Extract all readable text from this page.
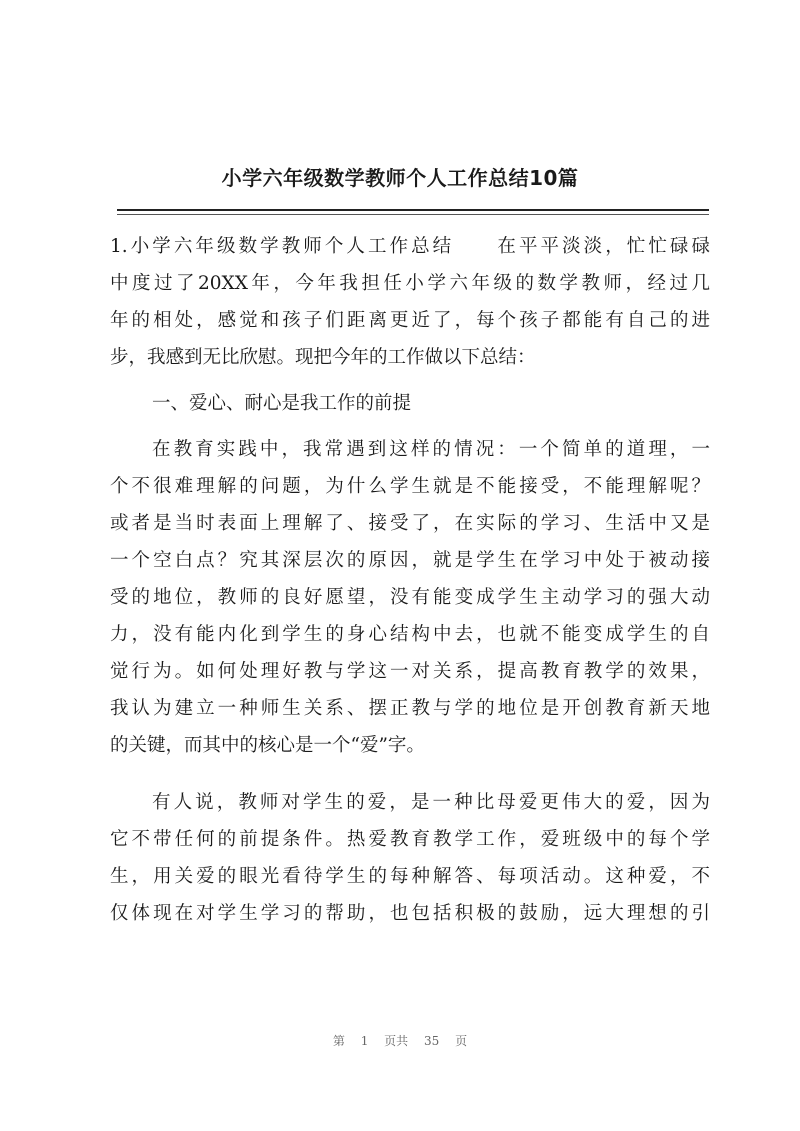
小学六年级数学教师个人工作总结10篇
1.小学六年级数学教师个人工作总结　　在平平淡淡，忙忙碌碌
中度过了20XX年，今年我担任小学六年级的数学教师，经过几
年的相处，感觉和孩子们距离更近了，每个孩子都能有自己的进
步，我感到无比欣慰。现把今年的工作做以下总结：
一、爱心、耐心是我工作的前提
在教育实践中，我常遇到这样的情况：一个简单的道理，一
个不很难理解的问题，为什么学生就是不能接受，不能理解呢？
或者是当时表面上理解了、接受了，在实际的学习、生活中又是
一个空白点？究其深层次的原因，就是学生在学习中处于被动接
受的地位，教师的良好愿望，没有能变成学生主动学习的强大动
力，没有能内化到学生的身心结构中去，也就不能变成学生的自
觉行为。如何处理好教与学这一对关系，提高教育教学的效果，
我认为建立一种师生关系、摆正教与学的地位是开创教育新天地
的关键，而其中的核心是一个“爱”字。
有人说，教师对学生的爱，是一种比母爱更伟大的爱，因为
它不带任何的前提条件。热爱教育教学工作，爱班级中的每个学
生，用关爱的眼光看待学生的每种解答、每项活动。这种爱，不
仅体现在对学生学习的帮助，也包括积极的鼓励，远大理想的引
第 1 页共 35 页
